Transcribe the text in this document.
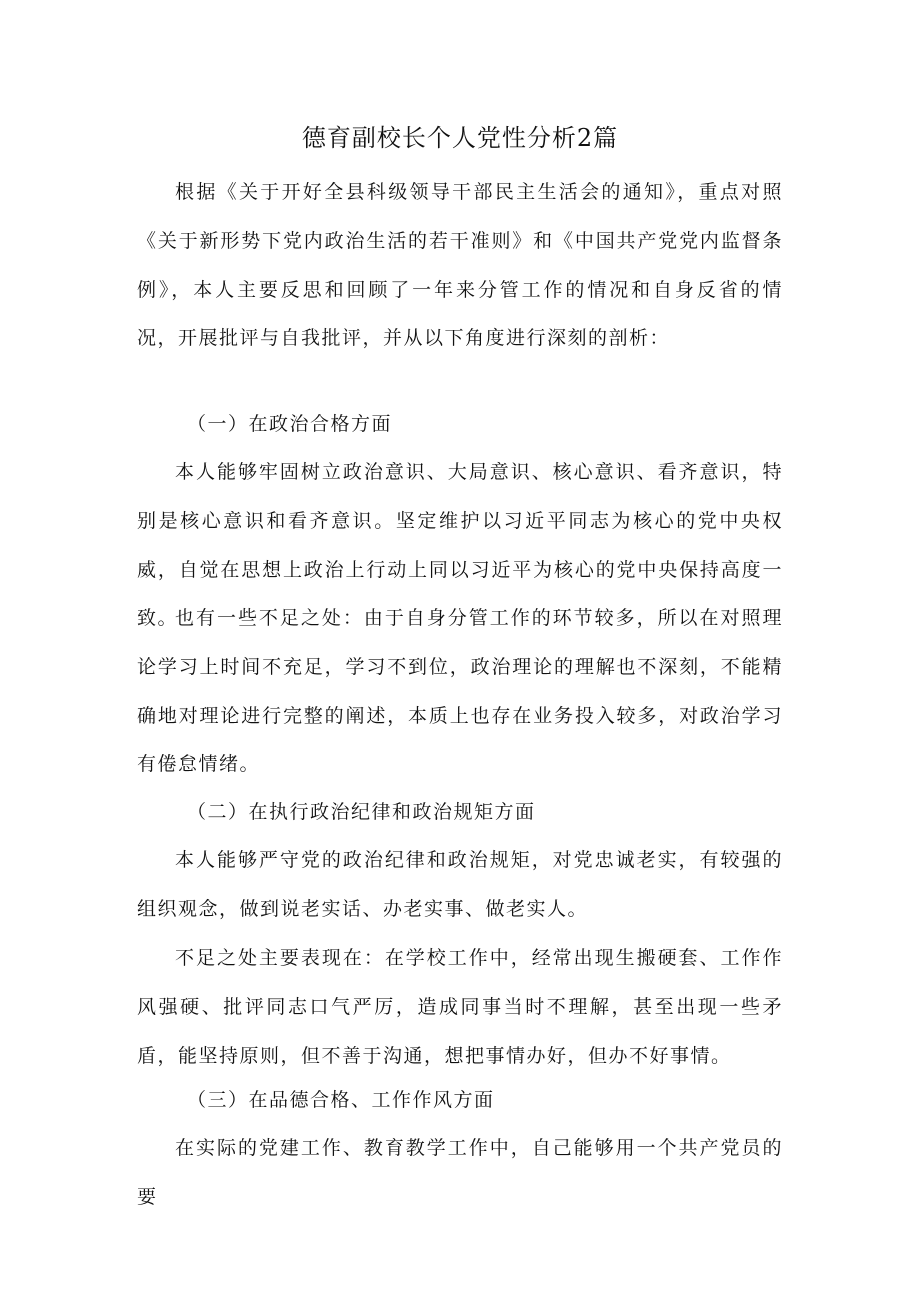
德育副校长个人党性分析2篇

根据《关于开好全县科级领导干部民主生活会的通知》，重点对照《关于新形势下党内政治生活的若干准则》和《中国共产党党内监督条例》，本人主要反思和回顾了一年来分管工作的情况和自身反省的情况，开展批评与自我批评，并从以下角度进行深刻的剖析：

（一）在政治合格方面

本人能够牢固树立政治意识、大局意识、核心意识、看齐意识，特别是核心意识和看齐意识。坚定维护以习近平同志为核心的党中央权威，自觉在思想上政治上行动上同以习近平为核心的党中央保持高度一致。

也有一些不足之处：由于自身分管工作的环节较多，所以在对照理论学习上时间不充足，学习不到位，政治理论的理解也不深刻，不能精确地对理论进行完整的阐述，本质上也存在业务投入较多，对政治学习有倦怠情绪。

（二）在执行政治纪律和政治规矩方面

本人能够严守党的政治纪律和政治规矩，对党忠诚老实，有较强的组织观念，做到说老实话、办老实事、做老实人。

不足之处主要表现在：在学校工作中，经常出现生搬硬套、工作作风强硬、批评同志口气严厉，造成同事当时不理解，甚至出现一些矛盾，能坚持原则，但不善于沟通，想把事情办好，但办不好事情。

（三）在品德合格、工作作风方面

在实际的党建工作、教育教学工作中，自己能够用一个共产党员的要
